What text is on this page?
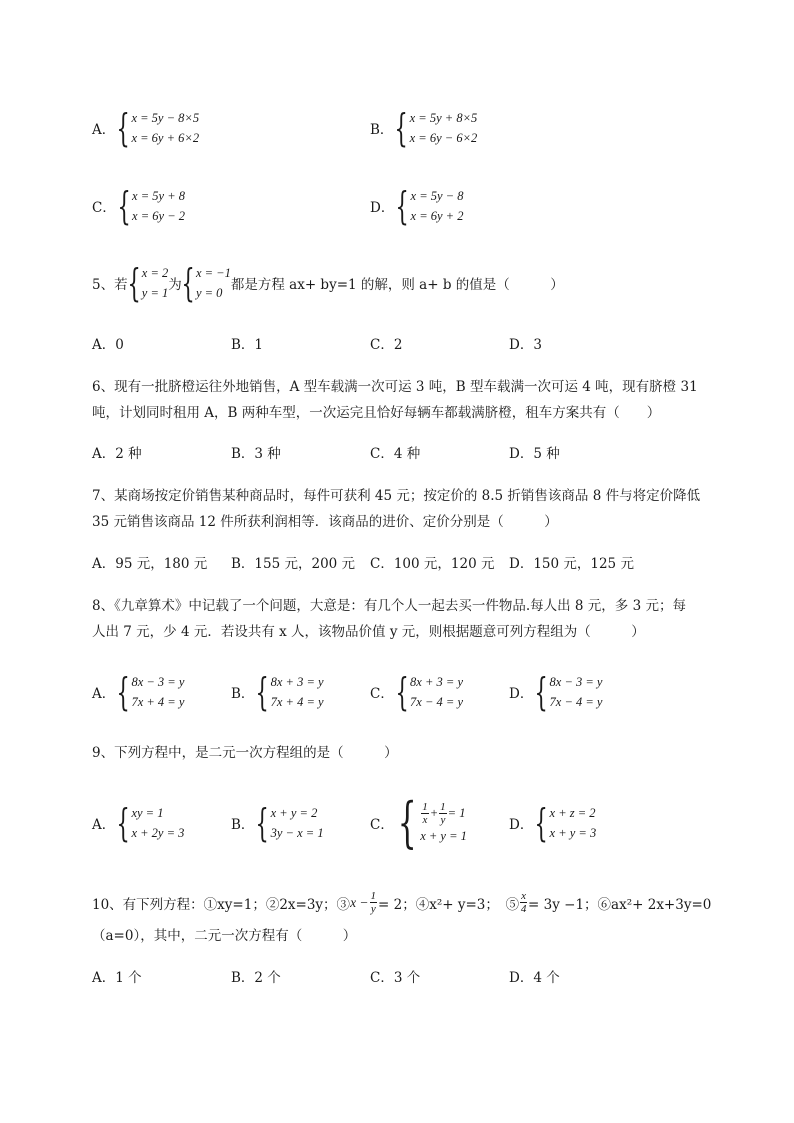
A． { x = 5y − 8×5
x = 6y + 6×2	B． { x = 5y + 8×5
x = 6y − 6×2
C． { x = 5y + 8
x = 6y − 2	D． { x = 5y − 8
x = 6y + 2
5、若 { x = 2
y = 1 为 { x = −1
y = 0 都是方程 ax+ by=1 的解，则 a+ b 的值是（　　　）
A．0	B．1	C．2	D．3
6、现有一批脐橙运往外地销售，A 型车载满一次可运 3 吨，B 型车载满一次可运 4 吨，现有脐橙 31
吨，计划同时租用 A，B 两种车型，一次运完且恰好每辆车都载满脐橙，租车方案共有（　　）
A．2 种	B．3 种	C．4 种	D．5 种
7、某商场按定价销售某种商品时，每件可获利 45 元；按定价的 8.5 折销售该商品 8 件与将定价降低
35 元销售该商品 12 件所获利润相等．该商品的进价、定价分别是（　　　）
A．95 元，180 元 B．155 元，200 元 C．100 元，120 元 D．150 元，125 元
8、《九章算术》中记载了一个问题，大意是：有几个人一起去买一件物品.每人出 8 元，多 3 元；每
人出 7 元，少 4 元．若设共有 x 人，该物品价值 y 元，则根据题意可列方程组为（　　　）
A． { 8x − 3 = y
7x + 4 = y	B． { 8x + 3 = y
7x + 4 = y	C． { 8x + 3 = y
7x − 4 = y	D． { 8x − 3 = y
7x − 4 = y
9、下列方程中，是二元一次方程组的是（　　　）
A． { xy = 1
x + 2y = 3	B． { x + y = 2
3y − x = 1	C． { $\frac{1}{x} + \frac{1}{y} = 1$
x + y = 1
D． { x + z = 2
x + y = 3
10、有下列方程：①xy=1；②2x=3y；③ $x - \frac{1}{y} = 2$；④x²+ y=3；　⑤ $\frac{x}{4} = 3y -1$；⑥ax²+ 2x+3y=0
（a=0），其中，二元一次方程有（　　　）
A．1 个	B．2 个	C．3 个	D．4 个
